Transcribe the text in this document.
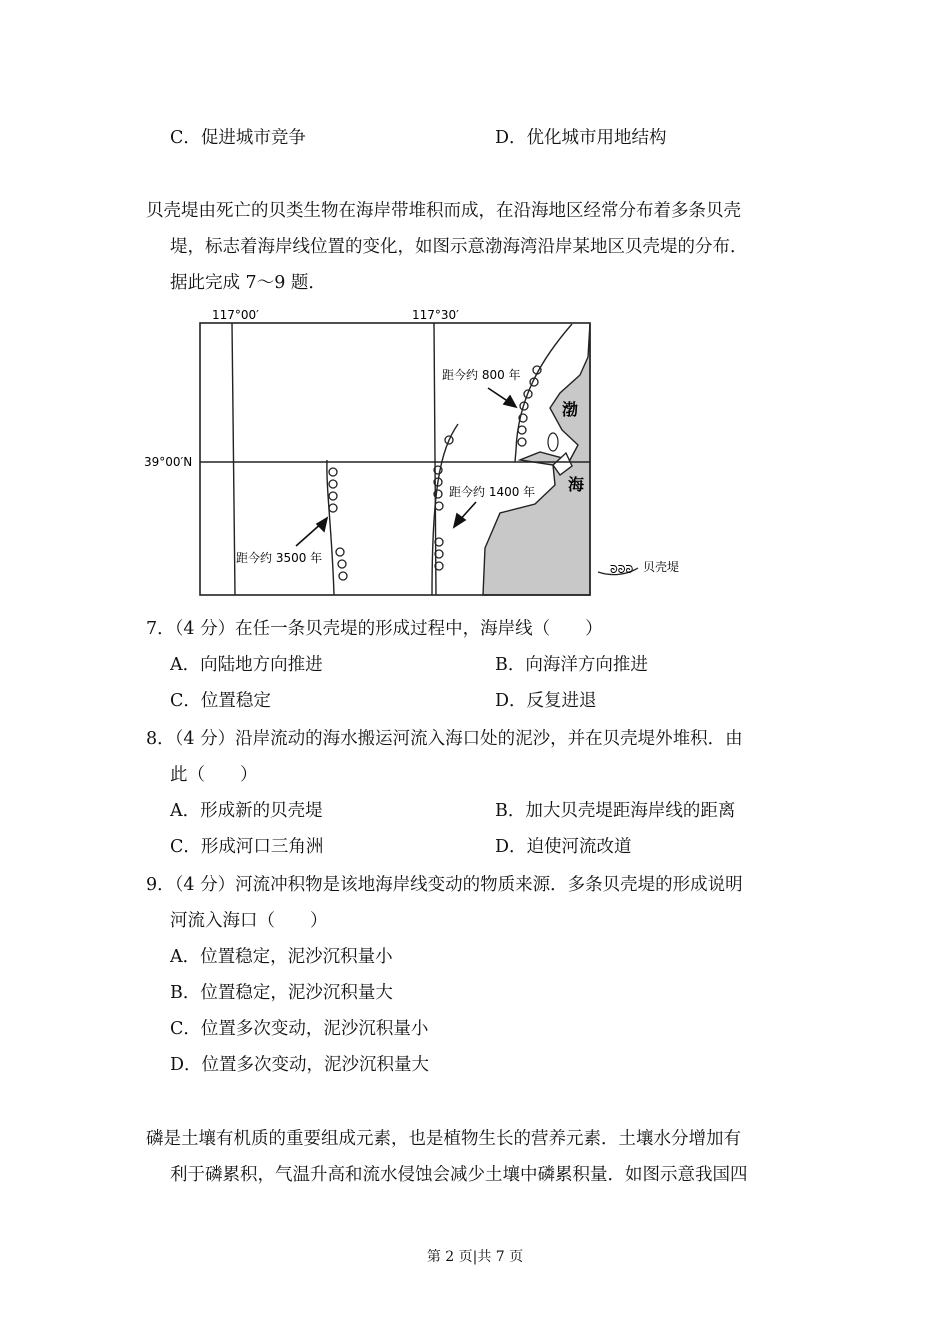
C．促进城市竞争	D．优化城市用地结构
贝壳堤由死亡的贝类生物在海岸带堆积而成，在沿海地区经常分布着多条贝壳
堤，标志着海岸线位置的变化，如图示意渤海湾沿岸某地区贝壳堤的分布．
据此完成 7～9 题．
117°00′	117°30′
39°00′N
距今约 800 年
距今约 1400 年
距今约 3500 年
渤
海
ᘐᘐᘐ 贝壳堤
7．（4 分）在任一条贝壳堤的形成过程中，海岸线（　　）
A．向陆地方向推进	B．向海洋方向推进
C．位置稳定	D．反复进退
8．（4 分）沿岸流动的海水搬运河流入海口处的泥沙，并在贝壳堤外堆积．由
此（　　）
A．形成新的贝壳堤	B．加大贝壳堤距海岸线的距离
C．形成河口三角洲	D．迫使河流改道
9．（4 分）河流冲积物是该地海岸线变动的物质来源．多条贝壳堤的形成说明
河流入海口（　　）
A．位置稳定，泥沙沉积量小
B．位置稳定，泥沙沉积量大
C．位置多次变动，泥沙沉积量小
D．位置多次变动，泥沙沉积量大
磷是土壤有机质的重要组成元素，也是植物生长的营养元素．土壤水分增加有
利于磷累积，气温升高和流水侵蚀会减少土壤中磷累积量．如图示意我国四
第 2 页|共 7 页
